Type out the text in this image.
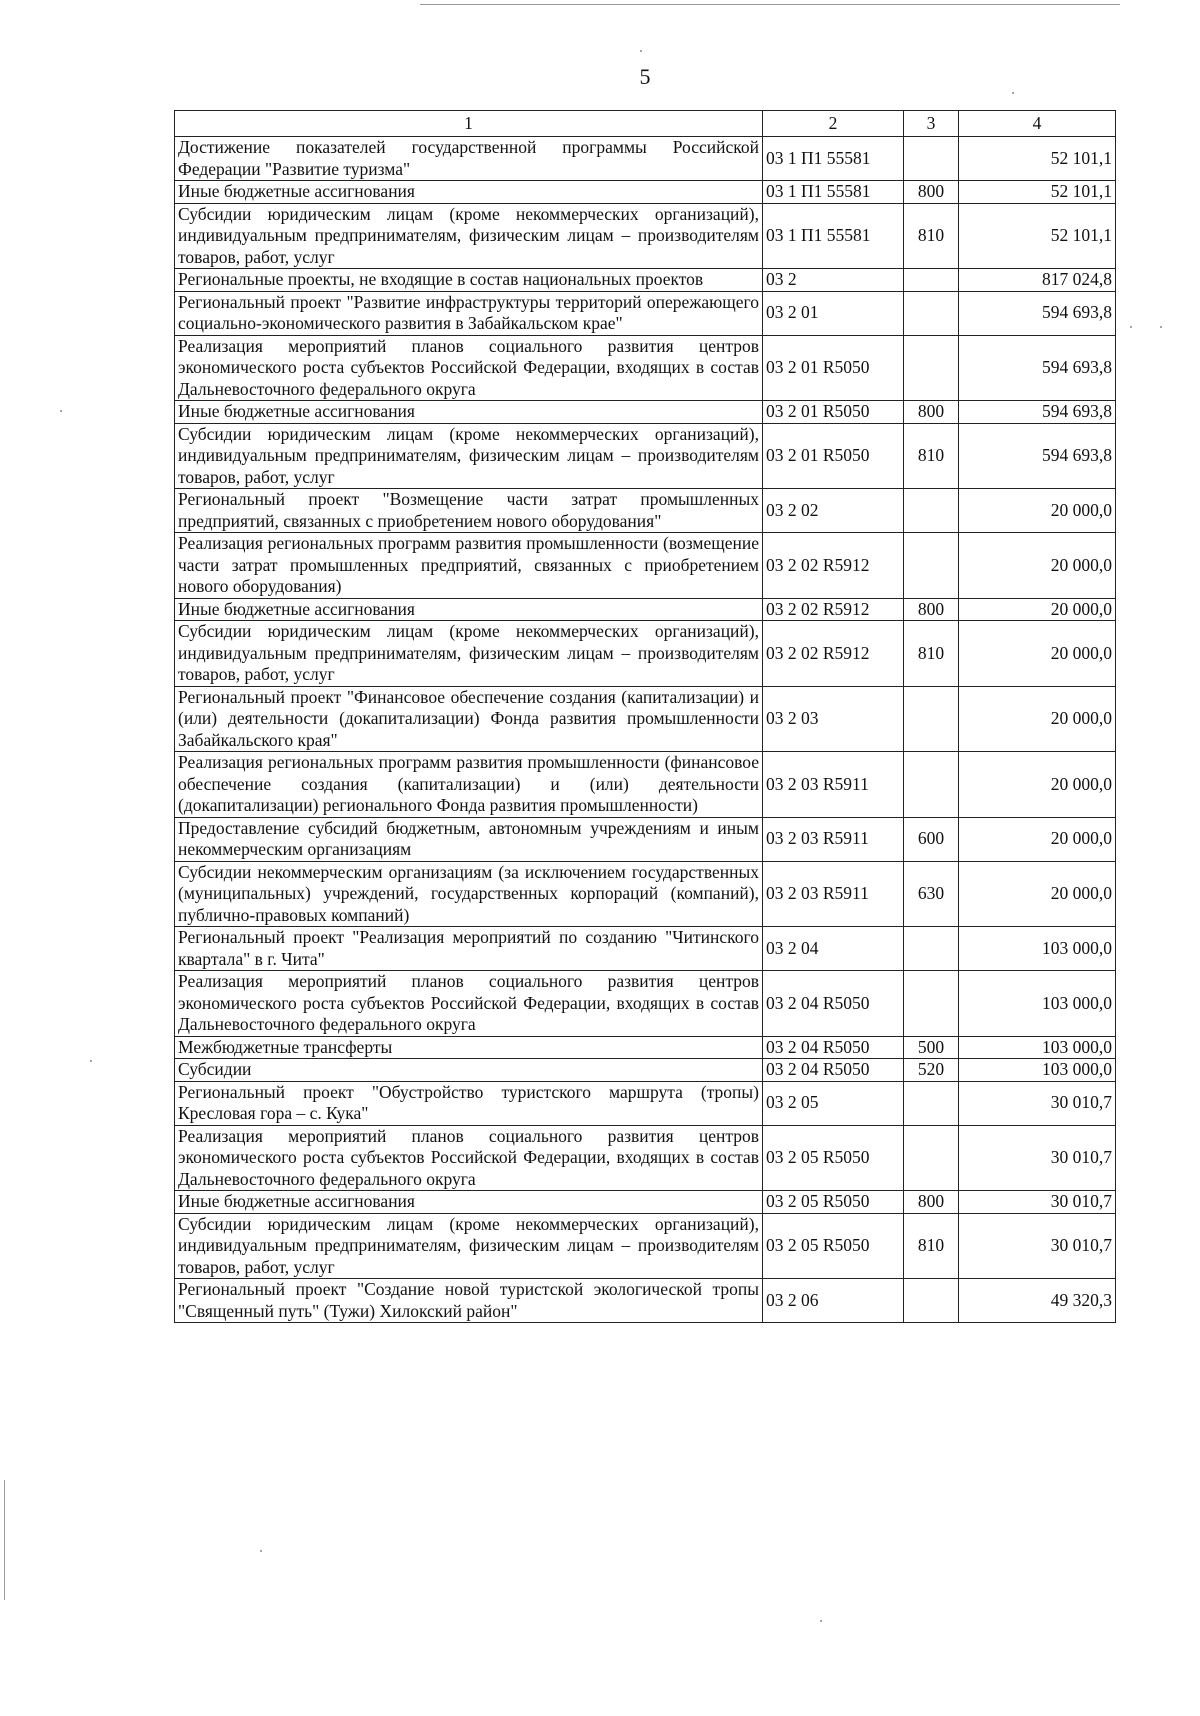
5
1	2	3	4
Достижение показателей государственной программы Российской Федерации "Развитие туризма"	03 1 П1 55581		52 101,1
Иные бюджетные ассигнования	03 1 П1 55581	800	52 101,1
Субсидии юридическим лицам (кроме некоммерческих организаций), индивидуальным предпринимателям, физическим лицам – производителям товаров, работ, услуг	03 1 П1 55581	810	52 101,1
Региональные проекты, не входящие в состав национальных проектов	03 2		817 024,8
Региональный проект "Развитие инфраструктуры территорий опережающего социально-экономического развития в Забайкальском крае"	03 2 01		594 693,8
Реализация мероприятий планов социального развития центров экономического роста субъектов Российской Федерации, входящих в состав Дальневосточного федерального округа	03 2 01 R5050		594 693,8
Иные бюджетные ассигнования	03 2 01 R5050	800	594 693,8
Субсидии юридическим лицам (кроме некоммерческих организаций), индивидуальным предпринимателям, физическим лицам – производителям товаров, работ, услуг	03 2 01 R5050	810	594 693,8
Региональный проект "Возмещение части затрат промышленных предприятий, связанных с приобретением нового оборудования"	03 2 02		20 000,0
Реализация региональных программ развития промышленности (возмещение части затрат промышленных предприятий, связанных с приобретением нового оборудования)	03 2 02 R5912		20 000,0
Иные бюджетные ассигнования	03 2 02 R5912	800	20 000,0
Субсидии юридическим лицам (кроме некоммерческих организаций), индивидуальным предпринимателям, физическим лицам – производителям товаров, работ, услуг	03 2 02 R5912	810	20 000,0
Региональный проект "Финансовое обеспечение создания (капитализации) и (или) деятельности (докапитализации) Фонда развития промышленности Забайкальского края"	03 2 03		20 000,0
Реализация региональных программ развития промышленности (финансовое обеспечение создания (капитализации) и (или) деятельности (докапитализации) регионального Фонда развития промышленности)	03 2 03 R5911		20 000,0
Предоставление субсидий бюджетным, автономным учреждениям и иным некоммерческим организациям	03 2 03 R5911	600	20 000,0
Субсидии некоммерческим организациям (за исключением государственных (муниципальных) учреждений, государственных корпораций (компаний), публично-правовых компаний)	03 2 03 R5911	630	20 000,0
Региональный проект "Реализация мероприятий по созданию "Читинского квартала" в г. Чита"	03 2 04		103 000,0
Реализация мероприятий планов социального развития центров экономического роста субъектов Российской Федерации, входящих в состав Дальневосточного федерального округа	03 2 04 R5050		103 000,0
Межбюджетные трансферты	03 2 04 R5050	500	103 000,0
Субсидии	03 2 04 R5050	520	103 000,0
Региональный проект "Обустройство туристского маршрута (тропы) Кресловая гора – с. Кука"	03 2 05		30 010,7
Реализация мероприятий планов социального развития центров экономического роста субъектов Российской Федерации, входящих в состав Дальневосточного федерального округа	03 2 05 R5050		30 010,7
Иные бюджетные ассигнования	03 2 05 R5050	800	30 010,7
Субсидии юридическим лицам (кроме некоммерческих организаций), индивидуальным предпринимателям, физическим лицам – производителям товаров, работ, услуг	03 2 05 R5050	810	30 010,7
Региональный проект "Создание новой туристской экологической тропы "Священный путь" (Тужи) Хилокский район"	03 2 06		49 320,3
